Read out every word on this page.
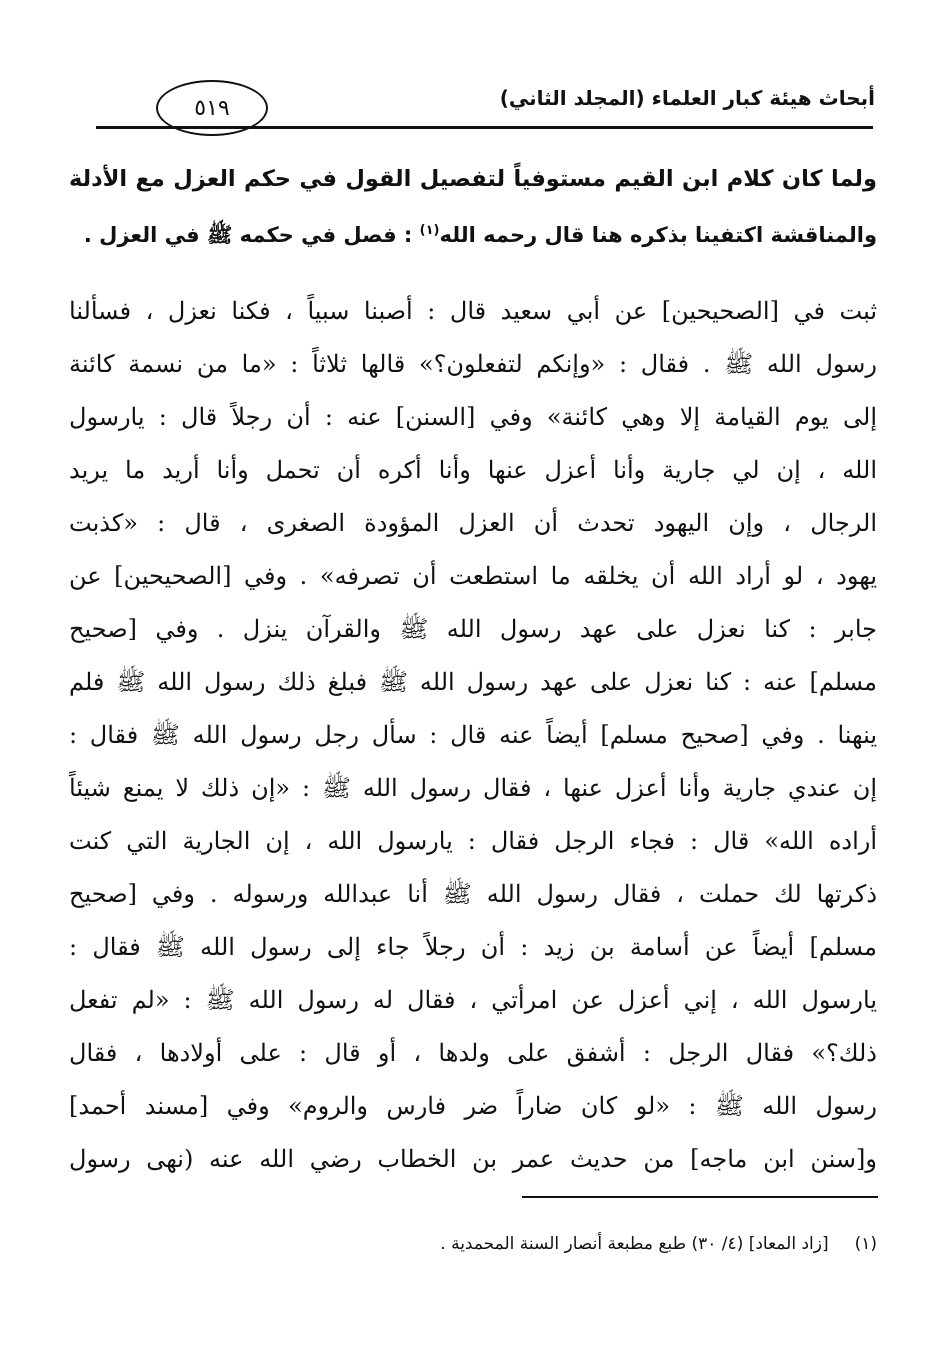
أبحاث هيئة كبار العلماء (المجلد الثاني)
٥١٩
ولما كان كلام ابن القيم مستوفياً لتفصيل القول في حكم العزل مع الأدلة
والمناقشة اكتفينا بذكره هنا قال رحمه الله$^{(١)}$ : فصل في حكمه ﷺ في العزل .
ثبت في [الصحيحين] عن أبي سعيد قال : أصبنا سبياً ، فكنا نعزل ، فسألنا
رسول الله ﷺ . فقال : «وإنكم لتفعلون؟» قالها ثلاثاً : «ما من نسمة كائنة
إلى يوم القيامة إلا وهي كائنة» وفي [السنن] عنه : أن رجلاً قال : يارسول
الله ، إن لي جارية وأنا أعزل عنها وأنا أكره أن تحمل وأنا أريد ما يريد
الرجال ، وإن اليهود تحدث أن العزل المؤودة الصغرى ، قال : «كذبت
يهود ، لو أراد الله أن يخلقه ما استطعت أن تصرفه» . وفي [الصحيحين] عن
جابر : كنا نعزل على عهد رسول الله ﷺ والقرآن ينزل . وفي [صحيح
مسلم] عنه : كنا نعزل على عهد رسول الله ﷺ فبلغ ذلك رسول الله ﷺ فلم
ينهنا . وفي [صحيح مسلم] أيضاً عنه قال : سأل رجل رسول الله ﷺ فقال :
إن عندي جارية وأنا أعزل عنها ، فقال رسول الله ﷺ : «إن ذلك لا يمنع شيئاً
أراده الله» قال : فجاء الرجل فقال : يارسول الله ، إن الجارية التي كنت
ذكرتها لك حملت ، فقال رسول الله ﷺ أنا عبدالله ورسوله . وفي [صحيح
مسلم] أيضاً عن أسامة بن زيد : أن رجلاً جاء إلى رسول الله ﷺ فقال :
يارسول الله ، إني أعزل عن امرأتي ، فقال له رسول الله ﷺ : «لم تفعل
ذلك؟» فقال الرجل : أشفق على ولدها ، أو قال : على أولادها ، فقال
رسول الله ﷺ : «لو كان ضاراً ضر فارس والروم» وفي [مسند أحمد]
و[سنن ابن ماجه] من حديث عمر بن الخطاب رضي الله عنه (نهى رسول
(١)[زاد المعاد] (٤/ ٣٠) طبع مطبعة أنصار السنة المحمدية .
